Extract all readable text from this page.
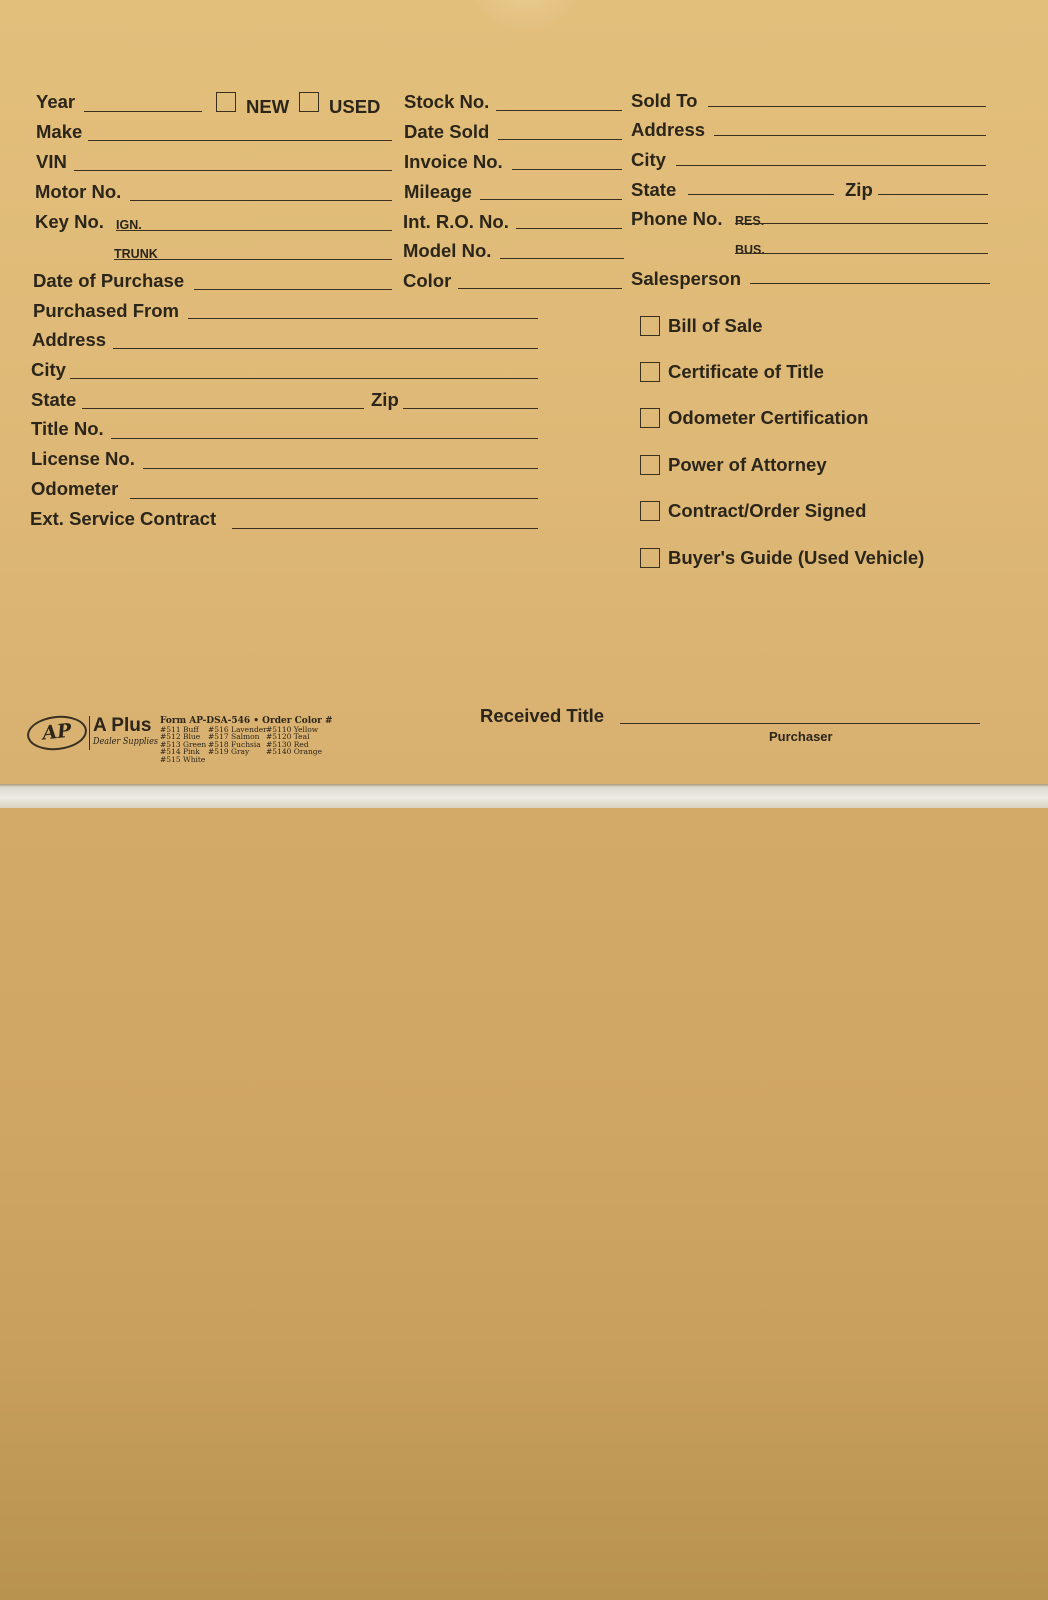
Year	NEW USED
Make
VIN
Motor No.
Key No. IGN.
TRUNK
Date of Purchase
Purchased From
Address
City
State	Zip
Title No.
License No.
Odometer
Ext. Service Contract
Stock No.
Date Sold
Invoice No.
Mileage
Int. R.O. No.
Model No.
Color
Sold To
Address
City
State	Zip
Phone No. RES.
BUS.
Salesperson
Bill of Sale
Certificate of Title
Odometer Certification
Power of Attorney
Contract/Order Signed
Buyer's Guide (Used Vehicle)
Received Title
Purchaser
AP	A Plus
Dealer Supplies
Form AP-DSA-546 • Order Color #
#511 Buff	#516 Lavender #5110 Yellow
#512 Blue	#517 Salmon #5120 Teal
#513 Green #518 Fuchsia #5130 Red
#514 Pink	#519 Gray	#5140 Orange
#515 White
